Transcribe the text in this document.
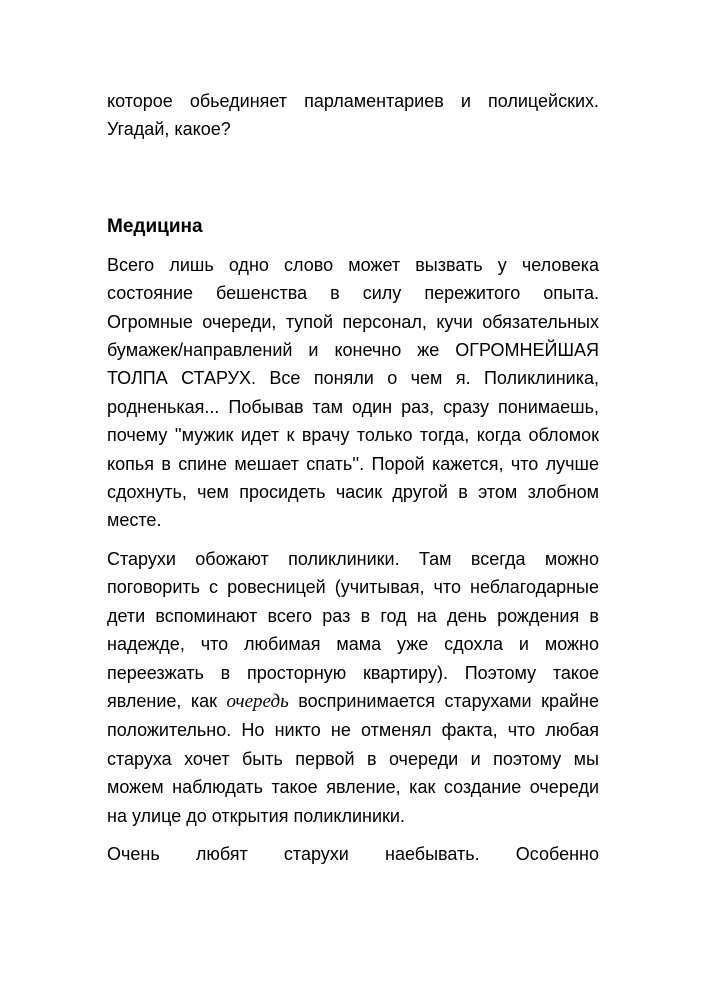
которое обьединяет парламентариев и полицейских. Угадай, какое?

Медицина

Всего лишь одно слово может вызвать у человека состояние бешенства в силу пережитого опыта. Огромные очереди, тупой персонал, кучи обязательных бумажек/направлений и конечно же ОГРОМНЕЙШАЯ ТОЛПА СТАРУХ. Все поняли о чем я. Поликлиника, родненькая... Побывав там один раз, сразу понимаешь, почему ''мужик идет к врачу только тогда, когда обломок копья в спине мешает спать''. Порой кажется, что лучше сдохнуть, чем просидеть часик другой в этом злобном месте.

Старухи обожают поликлиники. Там всегда можно поговорить с ровесницей (учитывая, что неблагодарные дети вспоминают всего раз в год на день рождения в надежде, что любимая мама уже сдохла и можно переезжать в просторную квартиру). Поэтому такое явление, как очередь воспринимается старухами крайне положительно. Но никто не отменял факта, что любая старуха хочет быть первой в очереди и поэтому мы можем наблюдать такое явление, как создание очереди на улице до открытия поликлиники.

Очень любят старухи наебывать. Особенно
